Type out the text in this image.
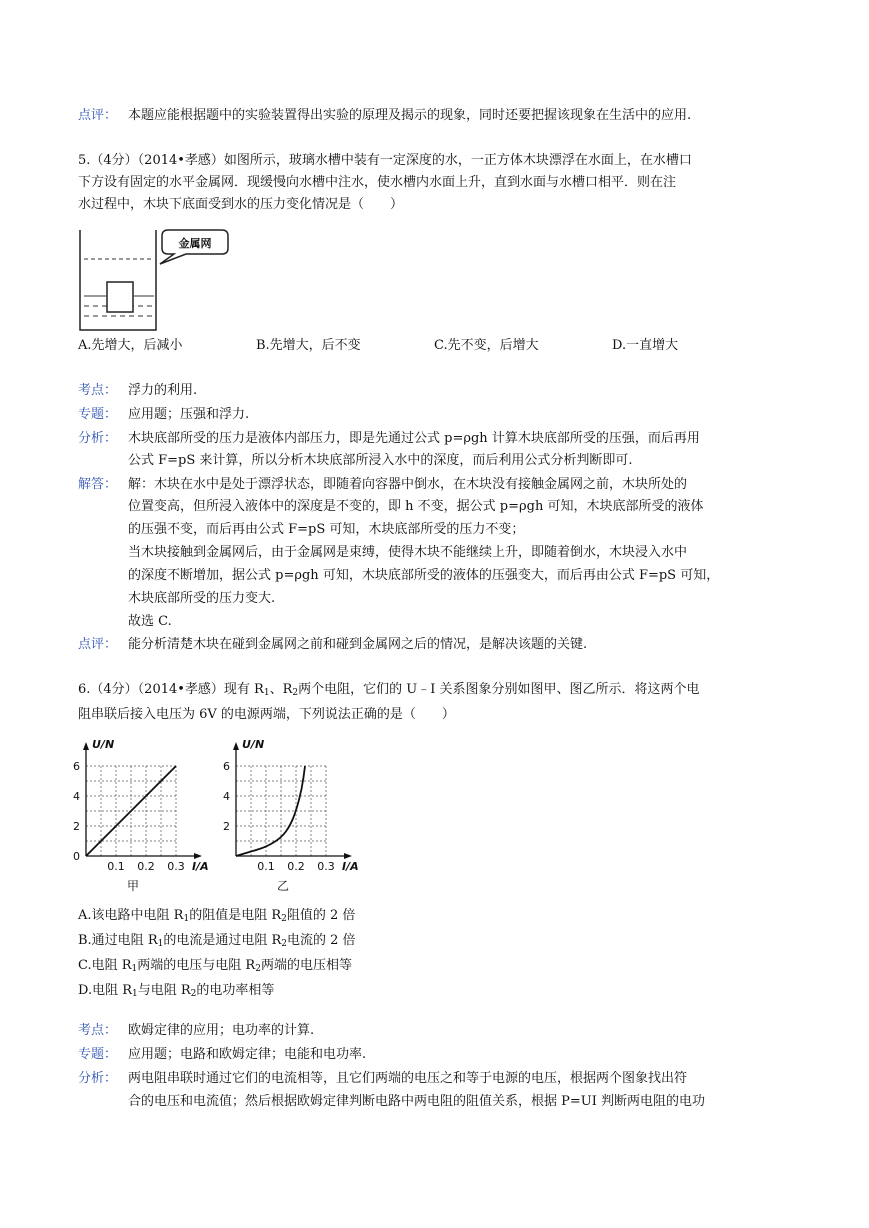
点评： 本题应能根据题中的实验装置得出实验的原理及揭示的现象，同时还要把握该现象在生活中的应用.
5.（4分）（2014•孝感）如图所示，玻璃水槽中装有一定深度的水，一正方体木块漂浮在水面上，在水槽口
下方设有固定的水平金属网．现缓慢向水槽中注水，使水槽内水面上升，直到水面与水槽口相平．则在注
水过程中，木块下底面受到水的压力变化情况是（　　）
金属网
A.先增大，后减小	B.先增大，后不变	C.先不变，后增大	D.一直增大
考点： 浮力的利用.
专题： 应用题；压强和浮力.
分析： 木块底部所受的压力是液体内部压力，即是先通过公式 p=ρgh 计算木块底部所受的压强，而后再用
公式 F=pS 来计算，所以分析木块底部所浸入水中的深度，而后利用公式分析判断即可.
解答： 解：木块在水中是处于漂浮状态，即随着向容器中倒水，在木块没有接触金属网之前，木块所处的
位置变高，但所浸入液体中的深度是不变的，即 h 不变，据公式 p=ρgh 可知，木块底部所受的液体
的压强不变，而后再由公式 F=pS 可知，木块底部所受的压力不变；
当木块接触到金属网后，由于金属网是束缚，使得木块不能继续上升，即随着倒水，木块浸入水中
的深度不断增加，据公式 p=ρgh 可知，木块底部所受的液体的压强变大，而后再由公式 F=pS 可知，
木块底部所受的压力变大.
故选 C.
点评： 能分析清楚木块在碰到金属网之前和碰到金属网之后的情况，是解决该题的关键.
6.（4分）（2014•孝感）现有 $R_1$、$R_2$两个电阻，它们的 U﹣I 关系图象分别如图甲、图乙所示．将这两个电
阻串联后接入电压为 6V 的电源两端，下列说法正确的是（　　）
U/N
I/A
0
2
4
6
0.1 0.2 0.3
甲
U/N
I/A
2
4
6
0.1 0.2 0.3
乙
A.该电路中电阻 $R_1$的阻值是电阻 $R_2$阻值的 2 倍
B.通过电阻 $R_1$的电流是通过电阻 $R_2$电流的 2 倍
C.电阻 $R_1$两端的电压与电阻 $R_2$两端的电压相等
D.电阻 $R_1$与电阻 $R_2$的电功率相等
考点： 欧姆定律的应用；电功率的计算.
专题： 应用题；电路和欧姆定律；电能和电功率.
分析： 两电阻串联时通过它们的电流相等，且它们两端的电压之和等于电源的电压，根据两个图象找出符
合的电压和电流值；然后根据欧姆定律判断电路中两电阻的阻值关系，根据 P=UI 判断两电阻的电功
